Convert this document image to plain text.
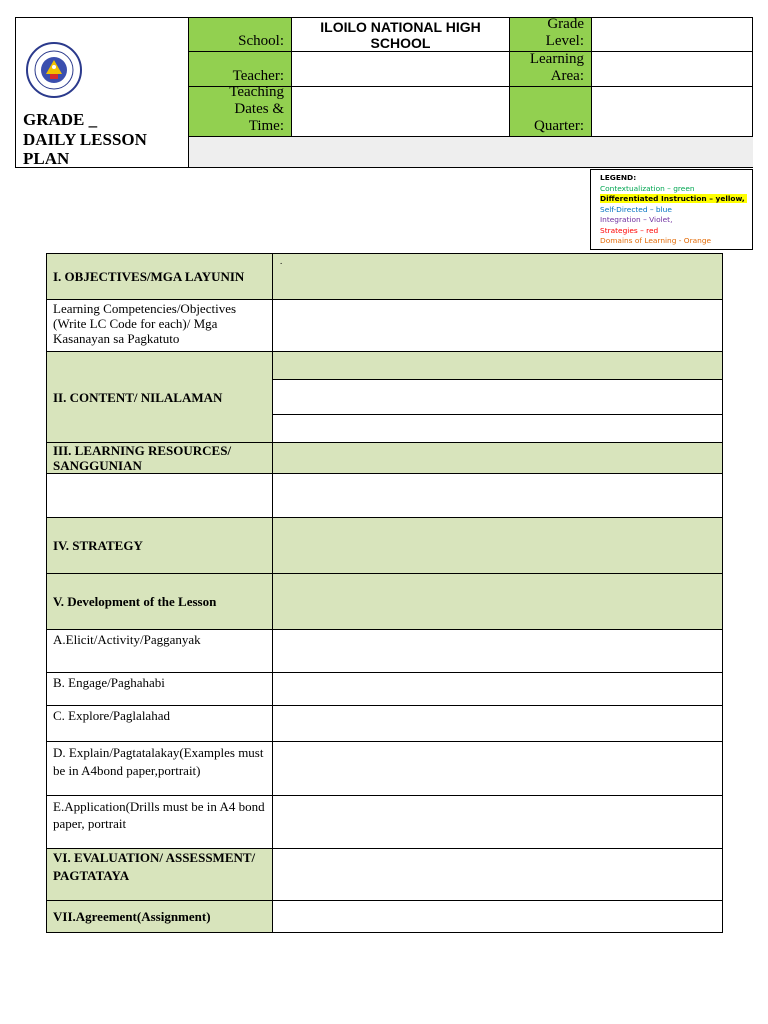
GRADE _
DAILY LESSON
PLAN
School:
ILOILO NATIONAL HIGH
SCHOOL
Grade
Level:
Teacher:
Learning
Area:
Teaching
Dates &
Time:	Quarter:
LEGEND:
Contextualization – green
Differentiated Instruction – yellow,
Self-Directed – blue
Integration – Violet,
Strategies – red
Domains of Learning - Orange
I. OBJECTIVES/MGA LAYUNIN
.
Learning Competencies/Objectives (Write LC Code for each)/ Mga Kasanayan sa Pagkatuto
II. CONTENT/ NILALAMAN
III. LEARNING RESOURCES/ SANGGUNIAN
IV. STRATEGY
V. Development of the Lesson
A.Elicit/Activity/Pagganyak
B. Engage/Paghahabi
C. Explore/Paglalahad
D. Explain/Pagtatalakay(Examples must be in A4bond paper,portrait)
E.Application(Drills must be in A4 bond paper, portrait
VI. EVALUATION/ ASSESSMENT/ PAGTATAYA
VII.Agreement(Assignment)
